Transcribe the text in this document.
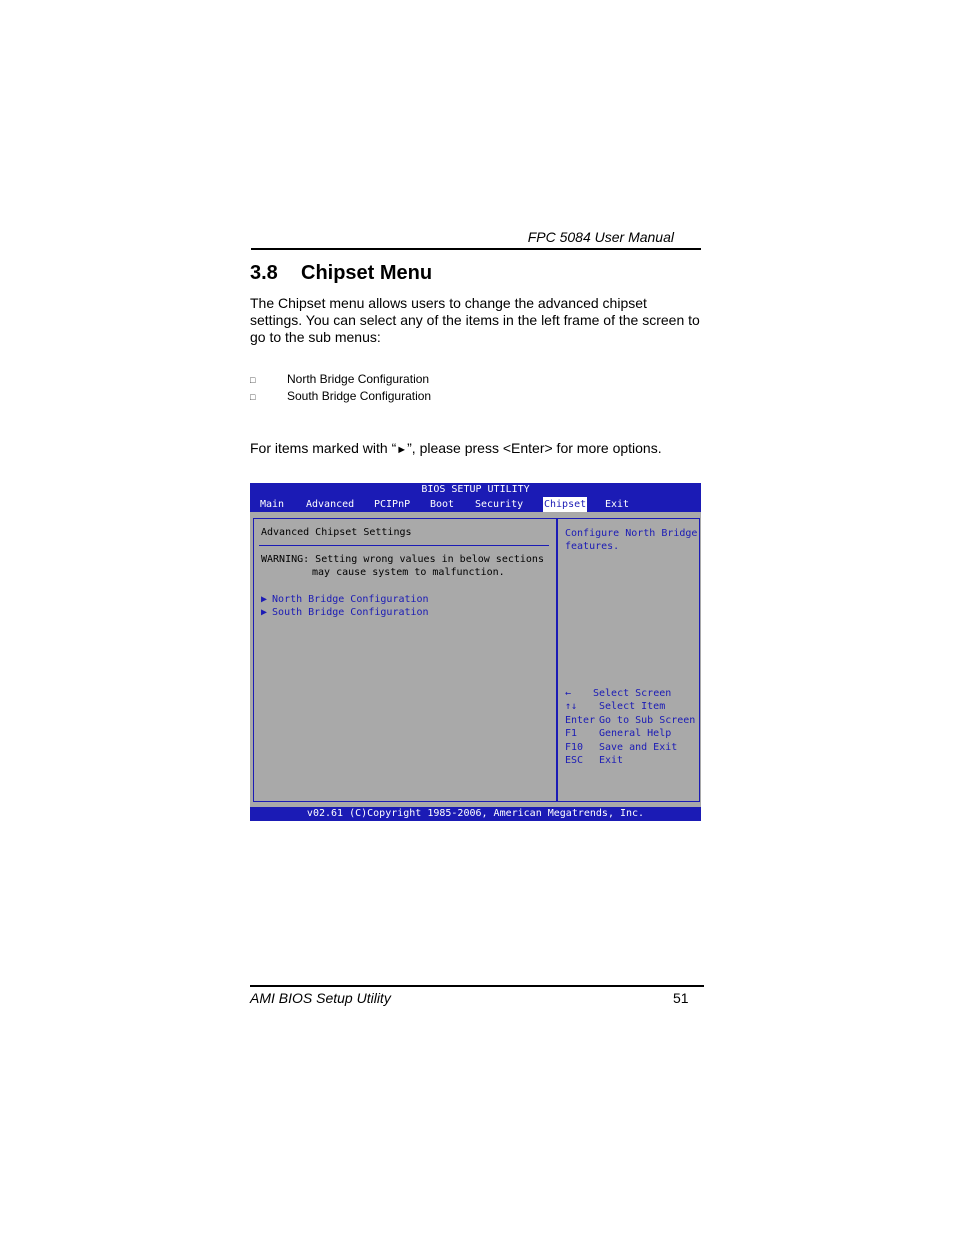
FPC 5084 User Manual
3.8 Chipset Menu
The Chipset menu allows users to change the advanced chipset settings. You can select any of the items in the left frame of the screen to go to the sub menus:
□	North Bridge Configuration
□	South Bridge Configuration
For items marked with “►”, please press <Enter> for more options.
BIOS SETUP UTILITY
Main Advanced PCIPnP Boot Security Chipset Exit
Advanced Chipset Settings
WARNING: Setting wrong values in below sections
may cause system to malfunction.
▶ North Bridge Configuration
▶ South Bridge Configuration
Configure North Bridge
features.
← Select Screen
↑↓ Select Item
Enter Go to Sub Screen
F1 General Help
F10 Save and Exit
ESC Exit
v02.61 (C)Copyright 1985-2006, American Megatrends, Inc.
AMI BIOS Setup Utility	51
